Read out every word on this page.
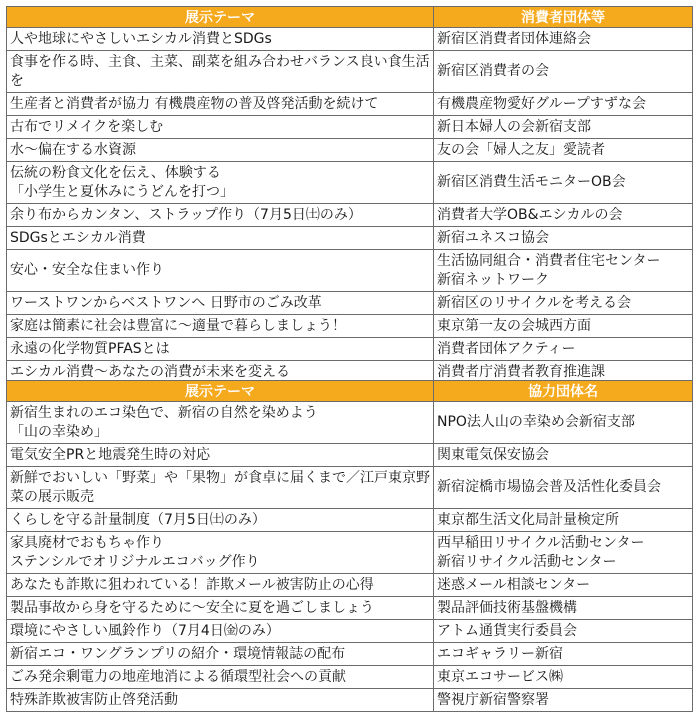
展示テーマ	消費者団体等

人や地球にやさしいエシカル消費とSDGs	新宿区消費者団体連絡会

食事を作る時、主食、主菜、副菜を組み合わせバランス良い食生活を	新宿区消費者の会

生産者と消費者が協力 有機農産物の普及啓発活動を続けて	有機農産物愛好グループすずな会

古布でリメイクを楽しむ	新日本婦人の会新宿支部

水～偏在する水資源	友の会「婦人之友」愛読者

伝統の粉食文化を伝え、体験する
「小学生と夏休みにうどんを打つ」	新宿区消費生活モニターOB会

余り布からカンタン、ストラップ作り（7月5日㈯のみ）	消費者大学OB&エシカルの会

SDGsとエシカル消費	新宿ユネスコ協会

安心・安全な住まい作り	生活協同組合・消費者住宅センター
新宿ネットワーク

ワーストワンからベストワンへ 日野市のごみ改革	新宿区のリサイクルを考える会

家庭は簡素に社会は豊富に～適量で暮らしましょう！	東京第一友の会城西方面

永遠の化学物質PFASとは	消費者団体アクティー

エシカル消費～あなたの消費が未来を変える	消費者庁消費者教育推進課
展示テーマ	協力団体名

新宿生まれのエコ染色で、新宿の自然を染めよう
「山の幸染め」	NPO法人山の幸染め会新宿支部

電気安全PRと地震発生時の対応	関東電気保安協会

新鮮でおいしい「野菜」や「果物」が食卓に届くまで／江戸東京野菜の展示販売	新宿淀橋市場協会普及活性化委員会

くらしを守る計量制度（7月5日㈯のみ）	東京都生活文化局計量検定所

家具廃材でおもちゃ作り
ステンシルでオリジナルエコバッグ作り	西早稲田リサイクル活動センター
新宿リサイクル活動センター

あなたも詐欺に狙われている！詐欺メール被害防止の心得	迷惑メール相談センター

製品事故から身を守るために～安全に夏を過ごしましょう	製品評価技術基盤機構

環境にやさしい風鈴作り（7月4日㈮のみ）	アトム通貨実行委員会

新宿エコ・ワングランプリの紹介・環境情報誌の配布	エコギャラリー新宿

ごみ発余剰電力の地産地消による循環型社会への貢献	東京エコサービス㈱

特殊詐欺被害防止啓発活動	警視庁新宿警察署
